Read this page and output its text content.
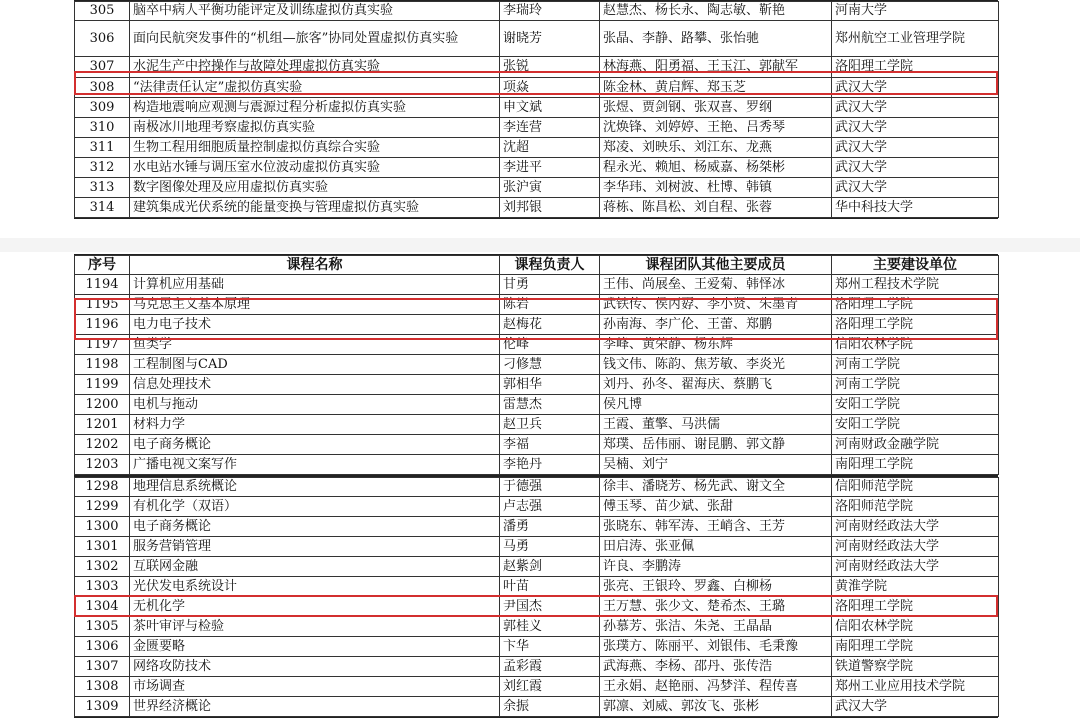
305	脑卒中病人平衡功能评定及训练虚拟仿真实验	李瑞玲	赵慧杰、杨长永、陶志敏、靳艳	河南大学
306	面向民航突发事件的“机组—旅客”协同处置虚拟仿真实验	谢晓芳	张晶、李静、路攀、张怡驰	郑州航空工业管理学院
307	水泥生产中控操作与故障处理虚拟仿真实验	张锐	林海燕、阳勇福、王玉江、郭献军	洛阳理工学院
308	“法律责任认定”虚拟仿真实验	项焱	陈金林、黄启辉、郑玉芝	武汉大学
309	构造地震响应观测与震源过程分析虚拟仿真实验	申文斌	张煜、贾剑钢、张双喜、罗纲	武汉大学
310	南极冰川地理考察虚拟仿真实验	李连营	沈焕锋、刘婷婷、王艳、吕秀琴	武汉大学
311	生物工程用细胞质量控制虚拟仿真综合实验	沈超	郑凌、刘映乐、刘江东、龙燕	武汉大学
312	水电站水锤与调压室水位波动虚拟仿真实验	李进平	程永光、赖旭、杨威嘉、杨桀彬	武汉大学
313	数字图像处理及应用虚拟仿真实验	张沪寅	李华玮、刘树波、杜博、韩镇	武汉大学
314	建筑集成光伏系统的能量变换与管理虚拟仿真实验	刘邦银	蒋栋、陈昌松、刘自程、张蓉	华中科技大学
序号	课程名称	课程负责人	课程团队其他主要成员	主要建设单位
1194	计算机应用基础	甘勇	王伟、尚展垒、王爱菊、韩怿冰	郑州工程技术学院
1195	马克思主义基本原理	陈岩	武铁传、侯丙孬、李小贤、朱墨青	洛阳理工学院
1196	电力电子技术	赵梅花	孙南海、李广伦、王蕾、郑鹏	洛阳理工学院
1197	鱼类学	伦峰	李峰、黄荣静、杨东辉	信阳农林学院
1198	工程制图与CAD	刁修慧	钱文伟、陈韵、焦芳敏、李炎光	河南工学院
1199	信息处理技术	郭相华	刘丹、孙冬、翟海庆、蔡鹏飞	河南工学院
1200	电机与拖动	雷慧杰	侯凡博	安阳工学院
1201	材料力学	赵卫兵	王霞、董擎、马洪儒	安阳工学院
1202	电子商务概论	李福	郑璞、岳伟丽、谢昆鹏、郭文静	河南财政金融学院
1203	广播电视文案写作	李艳丹	吴楠、刘宁	南阳理工学院
1298	地理信息系统概论	于德强	徐丰、潘晓芳、杨先武、谢文全	信阳师范学院
1299	有机化学（双语）	卢志强	傅玉琴、苗少斌、张甜	洛阳师范学院
1300	电子商务概论	潘勇	张晓东、韩军涛、王峭含、王芳	河南财经政法大学
1301	服务营销管理	马勇	田启涛、张亚佩	河南财经政法大学
1302	互联网金融	赵紫剑	许良、李鹏涛	河南财经政法大学
1303	光伏发电系统设计	叶苗	张亮、王银玲、罗鑫、白柳杨	黄淮学院
1304	无机化学	尹国杰	王万慧、张少文、楚希杰、王璐	洛阳理工学院
1305	茶叶审评与检验	郭桂义	孙慕芳、张洁、朱尧、王晶晶	信阳农林学院
1306	金匮要略	卞华	张璞方、陈丽平、刘银伟、毛秉豫	南阳理工学院
1307	网络攻防技术	孟彩霞	武海燕、李杨、邵丹、张传浩	铁道警察学院
1308	市场调查	刘红霞	王永娟、赵艳丽、冯梦洋、程传喜	郑州工业应用技术学院
1309	世界经济概论	余振	郭凛、刘威、郭汝飞、张彬	武汉大学
